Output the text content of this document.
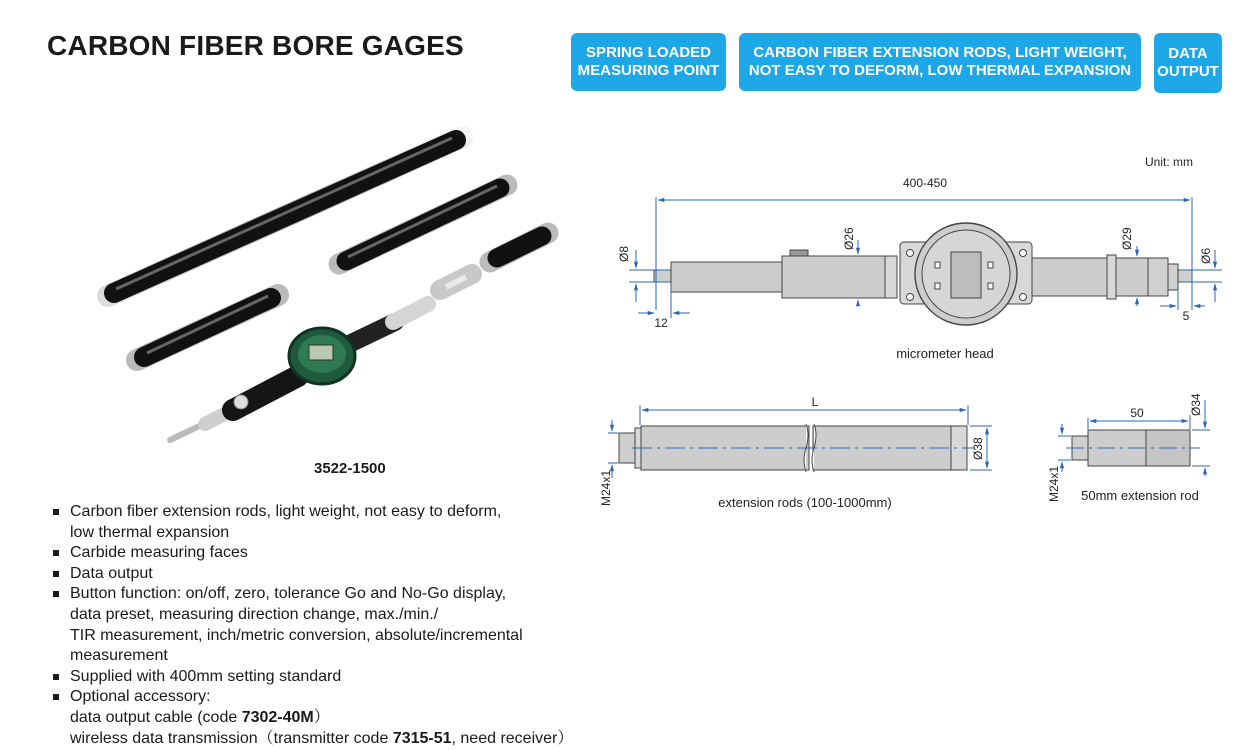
CARBON FIBER BORE GAGES	SPRING LOADED
MEASURING POINT
CARBON FIBER EXTENSION RODS, LIGHT WEIGHT,
NOT EASY TO DEFORM, LOW THERMAL EXPANSION
DATA
OUTPUT
Unit: mm
400-450
Ø8
Ø26	Ø29
Ø6
12	5
micrometer head
L
Ø38
M24x1	extension rods (100-1000mm)
50	Ø34
M24x1 50mm extension rod
3522-1500
Carbon fiber extension rods, light weight, not easy to deform,
low thermal expansion
Carbide measuring faces
Data output
Button function: on/off, zero, tolerance Go and No-Go display,
data preset, measuring direction change, max./min./
TIR measurement, inch/metric conversion, absolute/incremental
measurement
Supplied with 400mm setting standard
Optional accessory:
data output cable (code 7302-40M）
wireless data transmission（transmitter code 7315-51, need receiver）
